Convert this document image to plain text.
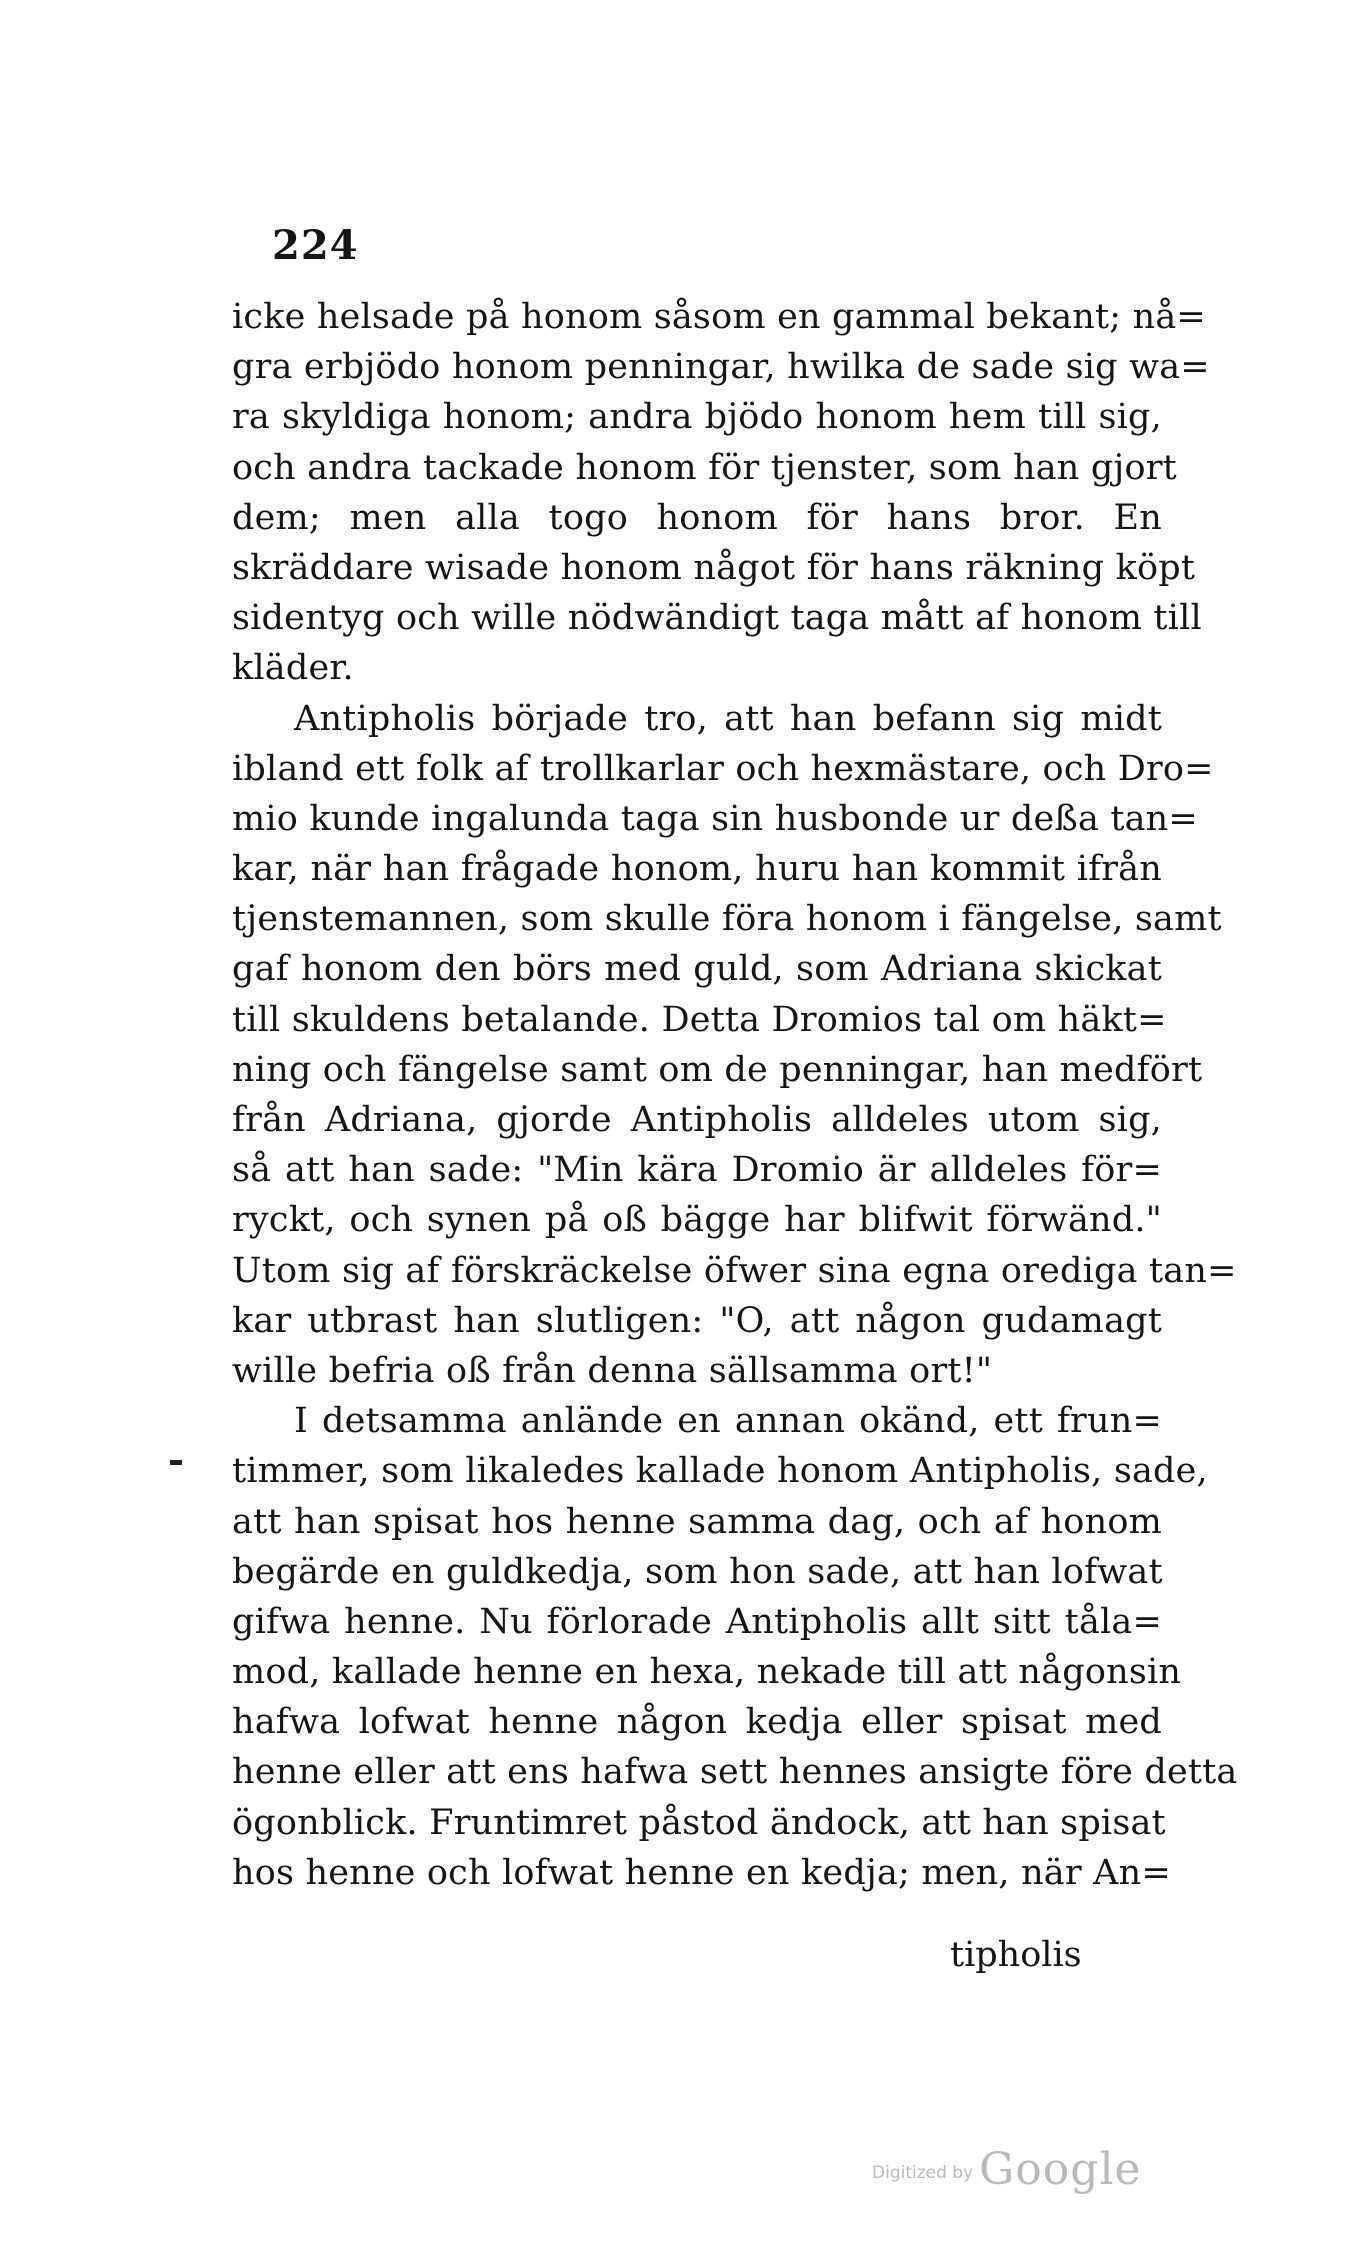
224
icke helsade på honom såsom en gammal bekant; nå=
gra erbjödo honom penningar, hwilka de sade sig wa=
ra skyldiga honom; andra bjödo honom hem till sig,
och andra tackade honom för tjenster, som han gjort
dem; men alla togo honom för hans bror. En
skräddare wisade honom något för hans räkning köpt
sidentyg och wille nödwändigt taga mått af honom till
kläder.
Antipholis började tro, att han befann sig midt
ibland ett folk af trollkarlar och hexmästare, och Dro=
mio kunde ingalunda taga sin husbonde ur deßa tan=
kar, när han frågade honom, huru han kommit ifrån
tjenstemannen, som skulle föra honom i fängelse, samt
gaf honom den börs med guld, som Adriana skickat
till skuldens betalande. Detta Dromios tal om häkt=
ning och fängelse samt om de penningar, han medfört
från Adriana, gjorde Antipholis alldeles utom sig,
så att han sade: "Min kära Dromio är alldeles för=
ryckt, och synen på oß bägge har blifwit förwänd."
Utom sig af förskräckelse öfwer sina egna orediga tan=
kar utbrast han slutligen: "O, att någon gudamagt
wille befria oß från denna sällsamma ort!"
I detsamma anlände en annan okänd, ett frun=
timmer, som likaledes kallade honom Antipholis, sade,
att han spisat hos henne samma dag, och af honom
begärde en guldkedja, som hon sade, att han lofwat
gifwa henne. Nu förlorade Antipholis allt sitt tåla=
mod, kallade henne en hexa, nekade till att någonsin
hafwa lofwat henne någon kedja eller spisat med
henne eller att ens hafwa sett hennes ansigte före detta
ögonblick. Fruntimret påstod ändock, att han spisat
hos henne och lofwat henne en kedja; men, när An=
tipholis
Digitized by Google
